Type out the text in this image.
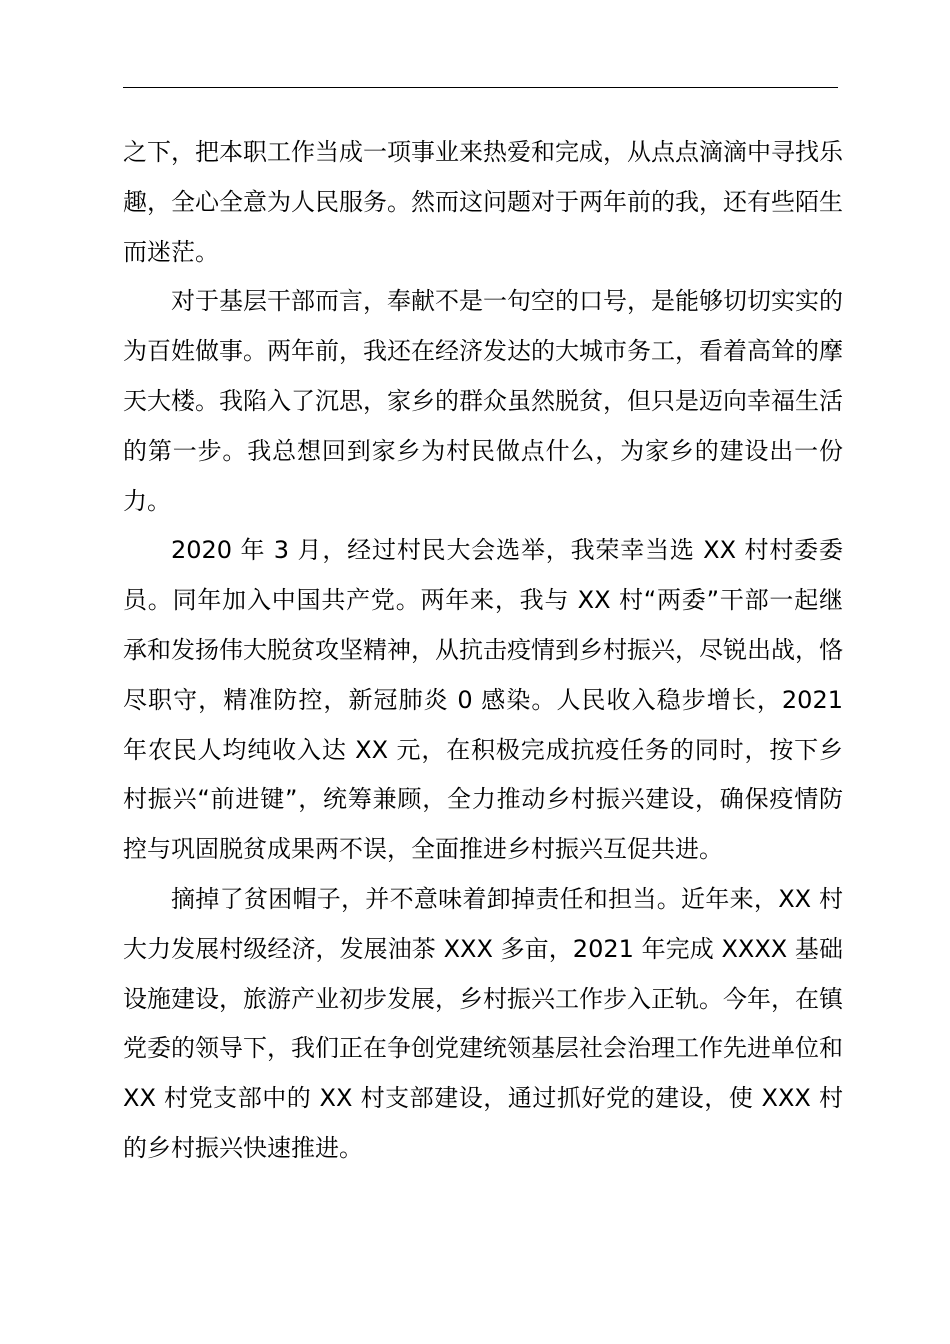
之下，把本职工作当成一项事业来热爱和完成，从点点滴滴中寻找乐趣，全心全意为人民服务。然而这问题对于两年前的我，还有些陌生而迷茫。

对于基层干部而言，奉献不是一句空的口号，是能够切切实实的为百姓做事。两年前，我还在经济发达的大城市务工，看着高耸的摩天大楼。我陷入了沉思，家乡的群众虽然脱贫，但只是迈向幸福生活的第一步。我总想回到家乡为村民做点什么，为家乡的建设出一份力。

2020 年 3 月，经过村民大会选举，我荣幸当选 XX 村村委委员。同年加入中国共产党。两年来，我与 XX 村“两委”干部一起继承和发扬伟大脱贫攻坚精神，从抗击疫情到乡村振兴，尽锐出战，恪尽职守，精准防控，新冠肺炎 0 感染。人民收入稳步增长，2021 年农民人均纯收入达 XX 元，在积极完成抗疫任务的同时，按下乡村振兴“前进键”，统筹兼顾，全力推动乡村振兴建设，确保疫情防控与巩固脱贫成果两不误，全面推进乡村振兴互促共进。

摘掉了贫困帽子，并不意味着卸掉责任和担当。近年来，XX 村大力发展村级经济，发展油茶 XXX 多亩，2021 年完成 XXXX 基础设施建设，旅游产业初步发展，乡村振兴工作步入正轨。今年，在镇党委的领导下，我们正在争创党建统领基层社会治理工作先进单位和 XX 村党支部中的 XX 村支部建设，通过抓好党的建设，使 XXX 村的乡村振兴快速推进。
